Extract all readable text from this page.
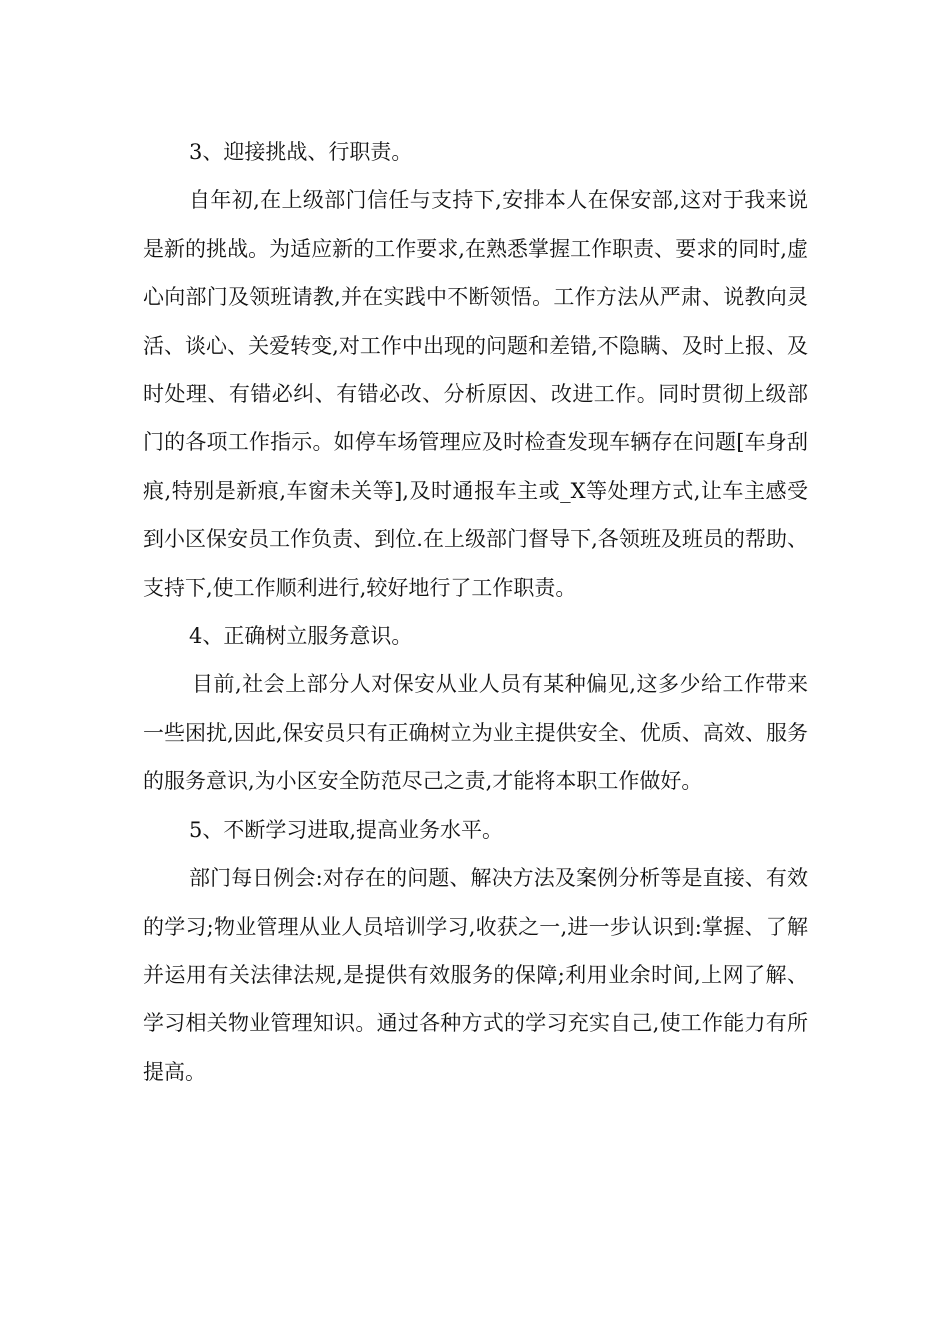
3、迎接挑战、行职责。

自年初,在上级部门信任与支持下,安排本人在保安部,这对于我来说是新的挑战。为适应新的工作要求,在熟悉掌握工作职责、要求的同时,虚心向部门及领班请教,并在实践中不断领悟。工作方法从严肃、说教向灵活、谈心、关爱转变,对工作中出现的问题和差错,不隐瞒、及时上报、及时处理、有错必纠、有错必改、分析原因、改进工作。同时贯彻上级部门的各项工作指示。如停车场管理应及时检查发现车辆存在问题[车身刮痕,特别是新痕,车窗未关等],及时通报车主或_X等处理方式,让车主感受到小区保安员工作负责、到位.在上级部门督导下,各领班及班员的帮助、支持下,使工作顺利进行,较好地行了工作职责。

4、正确树立服务意识。

目前,社会上部分人对保安从业人员有某种偏见,这多少给工作带来一些困扰,因此,保安员只有正确树立为业主提供安全、优质、高效、服务的服务意识,为小区安全防范尽己之责,才能将本职工作做好。

5、不断学习进取,提高业务水平。

部门每日例会:对存在的问题、解决方法及案例分析等是直接、有效的学习;物业管理从业人员培训学习,收获之一,进一步认识到:掌握、了解并运用有关法律法规,是提供有效服务的保障;利用业余时间,上网了解、学习相关物业管理知识。通过各种方式的学习充实自己,使工作能力有所提高。
